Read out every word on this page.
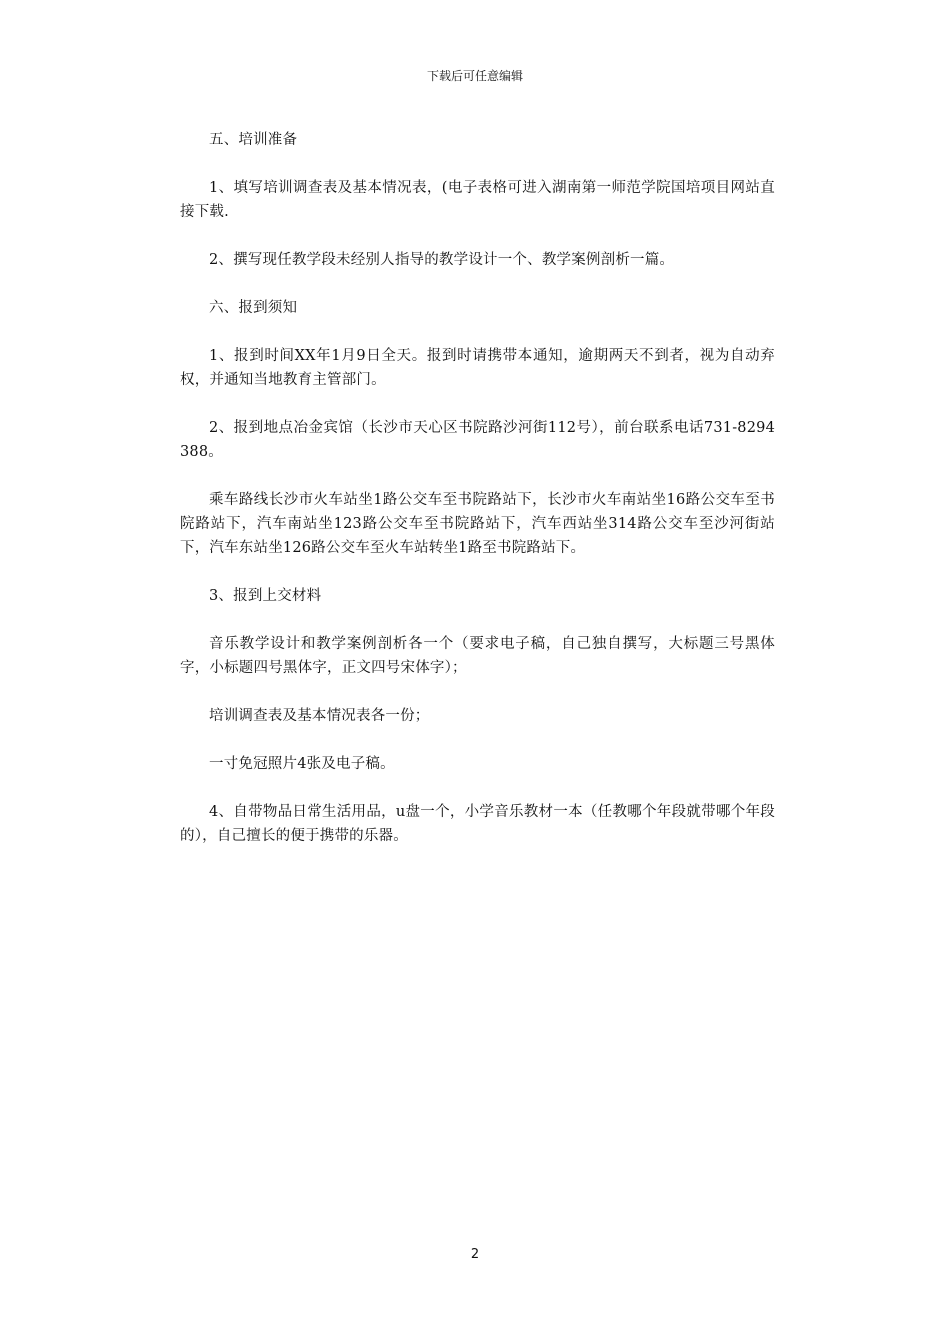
下载后可任意编辑

五、培训准备

1、填写培训调查表及基本情况表，(电子表格可进入湖南第一师范学院国培项目网站直接下载.

2、撰写现任教学段未经别人指导的教学设计一个、教学案例剖析一篇。

六、报到须知

1、报到时间XX年1月9日全天。报到时请携带本通知，逾期两天不到者，视为自动弃权，并通知当地教育主管部门。

2、报到地点冶金宾馆（长沙市天心区书院路沙河街112号），前台联系电话731-8294388。

乘车路线长沙市火车站坐1路公交车至书院路站下，长沙市火车南站坐16路公交车至书院路站下，汽车南站坐123路公交车至书院路站下，汽车西站坐314路公交车至沙河街站下，汽车东站坐126路公交车至火车站转坐1路至书院路站下。

3、报到上交材料

音乐教学设计和教学案例剖析各一个（要求电子稿，自己独自撰写，大标题三号黑体字，小标题四号黑体字，正文四号宋体字）；

培训调查表及基本情况表各一份；

一寸免冠照片4张及电子稿。

4、自带物品日常生活用品，u盘一个，小学音乐教材一本（任教哪个年段就带哪个年段的），自己擅长的便于携带的乐器。

2
